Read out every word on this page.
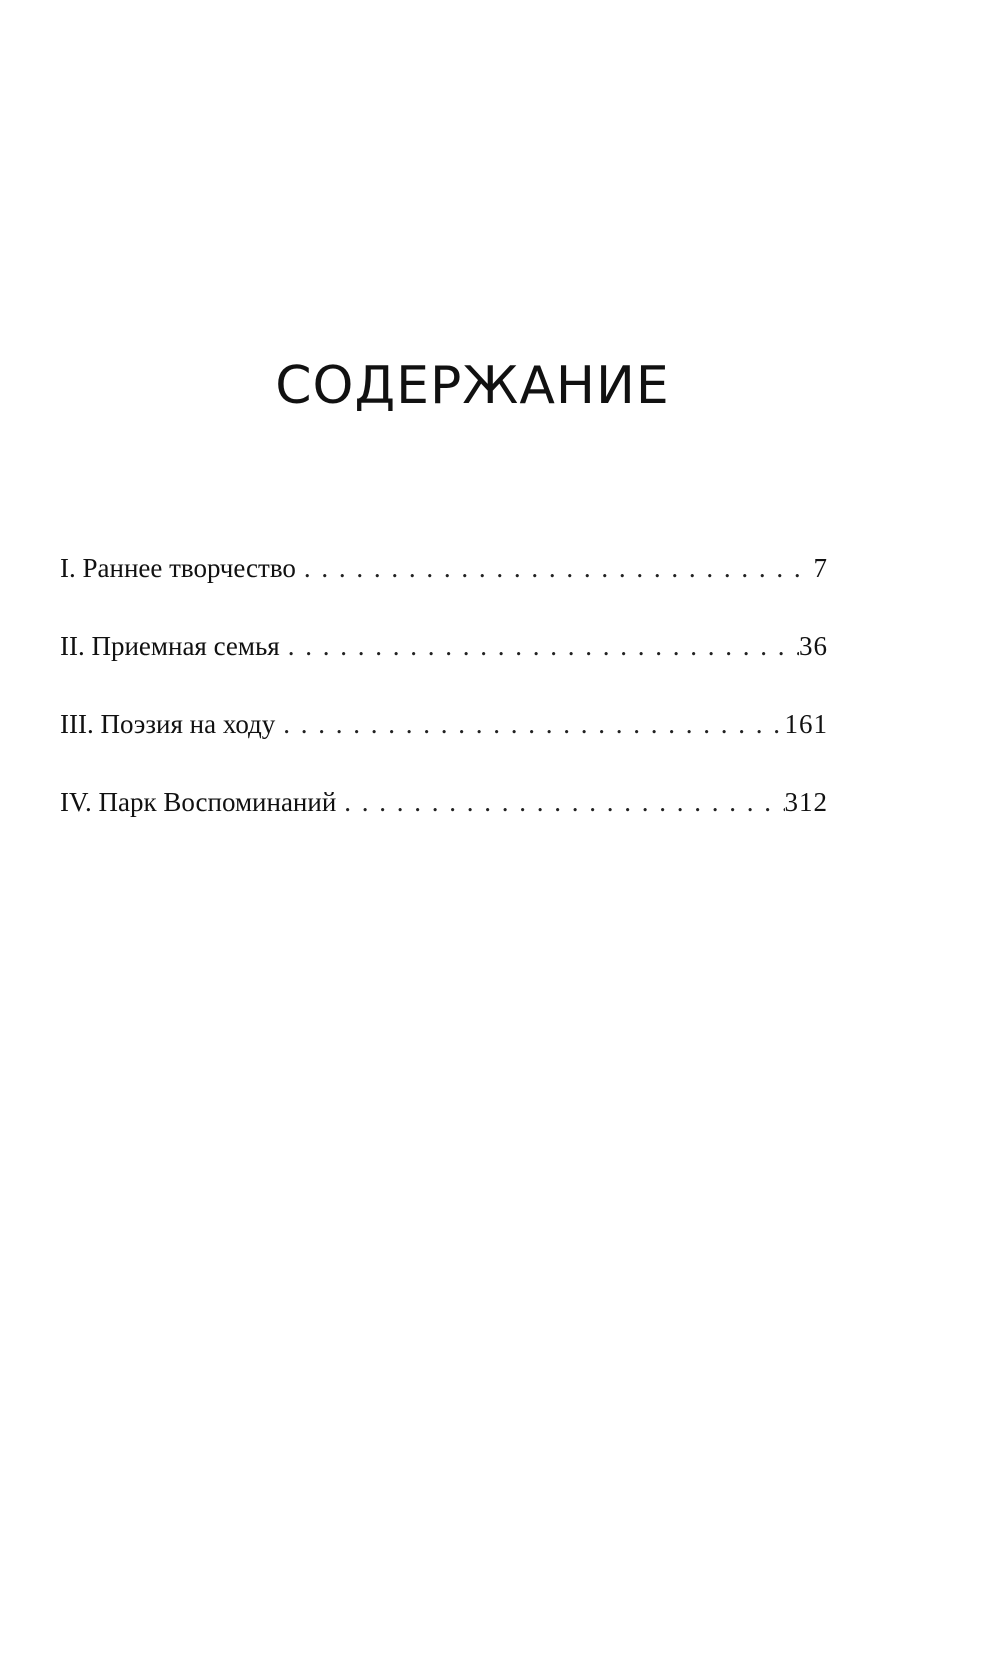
СОДЕРЖАНИЕ
I. Раннее творчество . . .	7
II. Приемная семья . . .	36
III. Поэзия на ходу . . .	161
IV. Парк Воспоминаний . . .	312
